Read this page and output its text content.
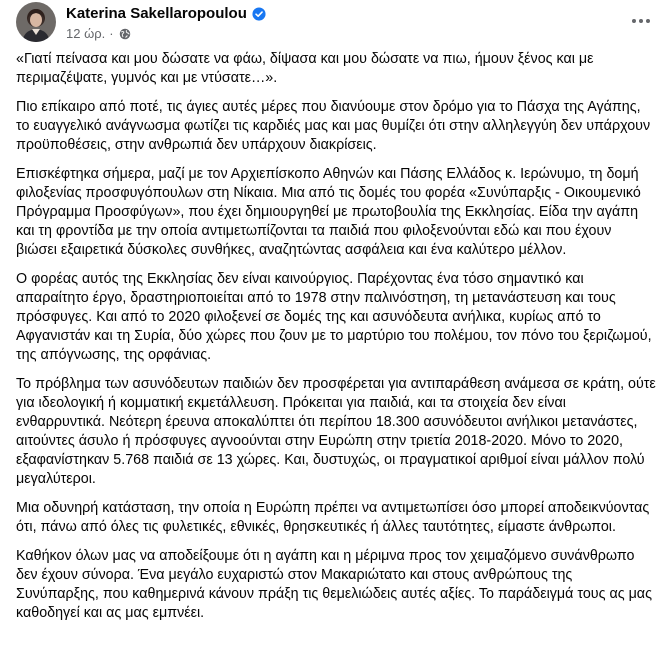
Katerina Sakellaropoulou
12 ώρ. ·

«Γιατί πείνασα και μου δώσατε να φάω, δίψασα και μου δώσατε να πιω, ήμουν ξένος και με περιμαζέψατε, γυμνός και με ντύσατε…».

Πιο επίκαιρο από ποτέ, τις άγιες αυτές μέρες που διανύουμε στον δρόμο για το Πάσχα της Αγάπης, το ευαγγελικό ανάγνωσμα φωτίζει τις καρδιές μας και μας θυμίζει ότι στην αλληλεγγύη δεν υπάρχουν προϋποθέσεις, στην ανθρωπιά δεν υπάρχουν διακρίσεις.

Επισκέφτηκα σήμερα, μαζί με τον Αρχιεπίσκοπο Αθηνών και Πάσης Ελλάδος κ. Ιερώνυμο, τη δομή φιλοξενίας προσφυγόπουλων στη Νίκαια. Μια από τις δομές του φορέα «Συνύπαρξις - Οικουμενικό Πρόγραμμα Προσφύγων», που έχει δημιουργηθεί με πρωτοβουλία της Εκκλησίας. Είδα την αγάπη και τη φροντίδα με την οποία αντιμετωπίζονται τα παιδιά που φιλοξενούνται εδώ και που έχουν βιώσει εξαιρετικά δύσκολες συνθήκες, αναζητώντας ασφάλεια και ένα καλύτερο μέλλον.

Ο φορέας αυτός της Εκκλησίας δεν είναι καινούργιος. Παρέχοντας ένα τόσο σημαντικό και απαραίτητο έργο, δραστηριοποιείται από το 1978 στην παλινόστηση, τη μετανάστευση και τους πρόσφυγες. Και από το 2020 φιλοξενεί σε δομές της και ασυνόδευτα ανήλικα, κυρίως από το Αφγανιστάν και τη Συρία, δύο χώρες που ζουν με το μαρτύριο του πολέμου, τον πόνο του ξεριζωμού, της απόγνωσης, της ορφάνιας.

Το πρόβλημα των ασυνόδευτων παιδιών δεν προσφέρεται για αντιπαράθεση ανάμεσα σε κράτη, ούτε για ιδεολογική ή κομματική εκμετάλλευση. Πρόκειται για παιδιά, και τα στοιχεία δεν είναι ενθαρρυντικά. Νεότερη έρευνα αποκαλύπτει ότι περίπου 18.300 ασυνόδευτοι ανήλικοι μετανάστες, αιτούντες άσυλο ή πρόσφυγες αγνοούνται στην Ευρώπη στην τριετία 2018-2020. Μόνο το 2020, εξαφανίστηκαν 5.768 παιδιά σε 13 χώρες. Και, δυστυχώς, οι πραγματικοί αριθμοί είναι μάλλον πολύ μεγαλύτεροι.

Μια οδυνηρή κατάσταση, την οποία η Ευρώπη πρέπει να αντιμετωπίσει όσο μπορεί αποδεικνύοντας ότι, πάνω από όλες τις φυλετικές, εθνικές, θρησκευτικές ή άλλες ταυτότητες, είμαστε άνθρωποι.

Καθήκον όλων μας να αποδείξουμε ότι η αγάπη και η μέριμνα προς τον χειμαζόμενο συνάνθρωπο δεν έχουν σύνορα. Ένα μεγάλο ευχαριστώ στον Μακαριώτατο και στους ανθρώπους της Συνύπαρξης, που καθημερινά κάνουν πράξη τις θεμελιώδεις αυτές αξίες. Το παράδειγμά τους ας μας καθοδηγεί και ας μας εμπνέει.
